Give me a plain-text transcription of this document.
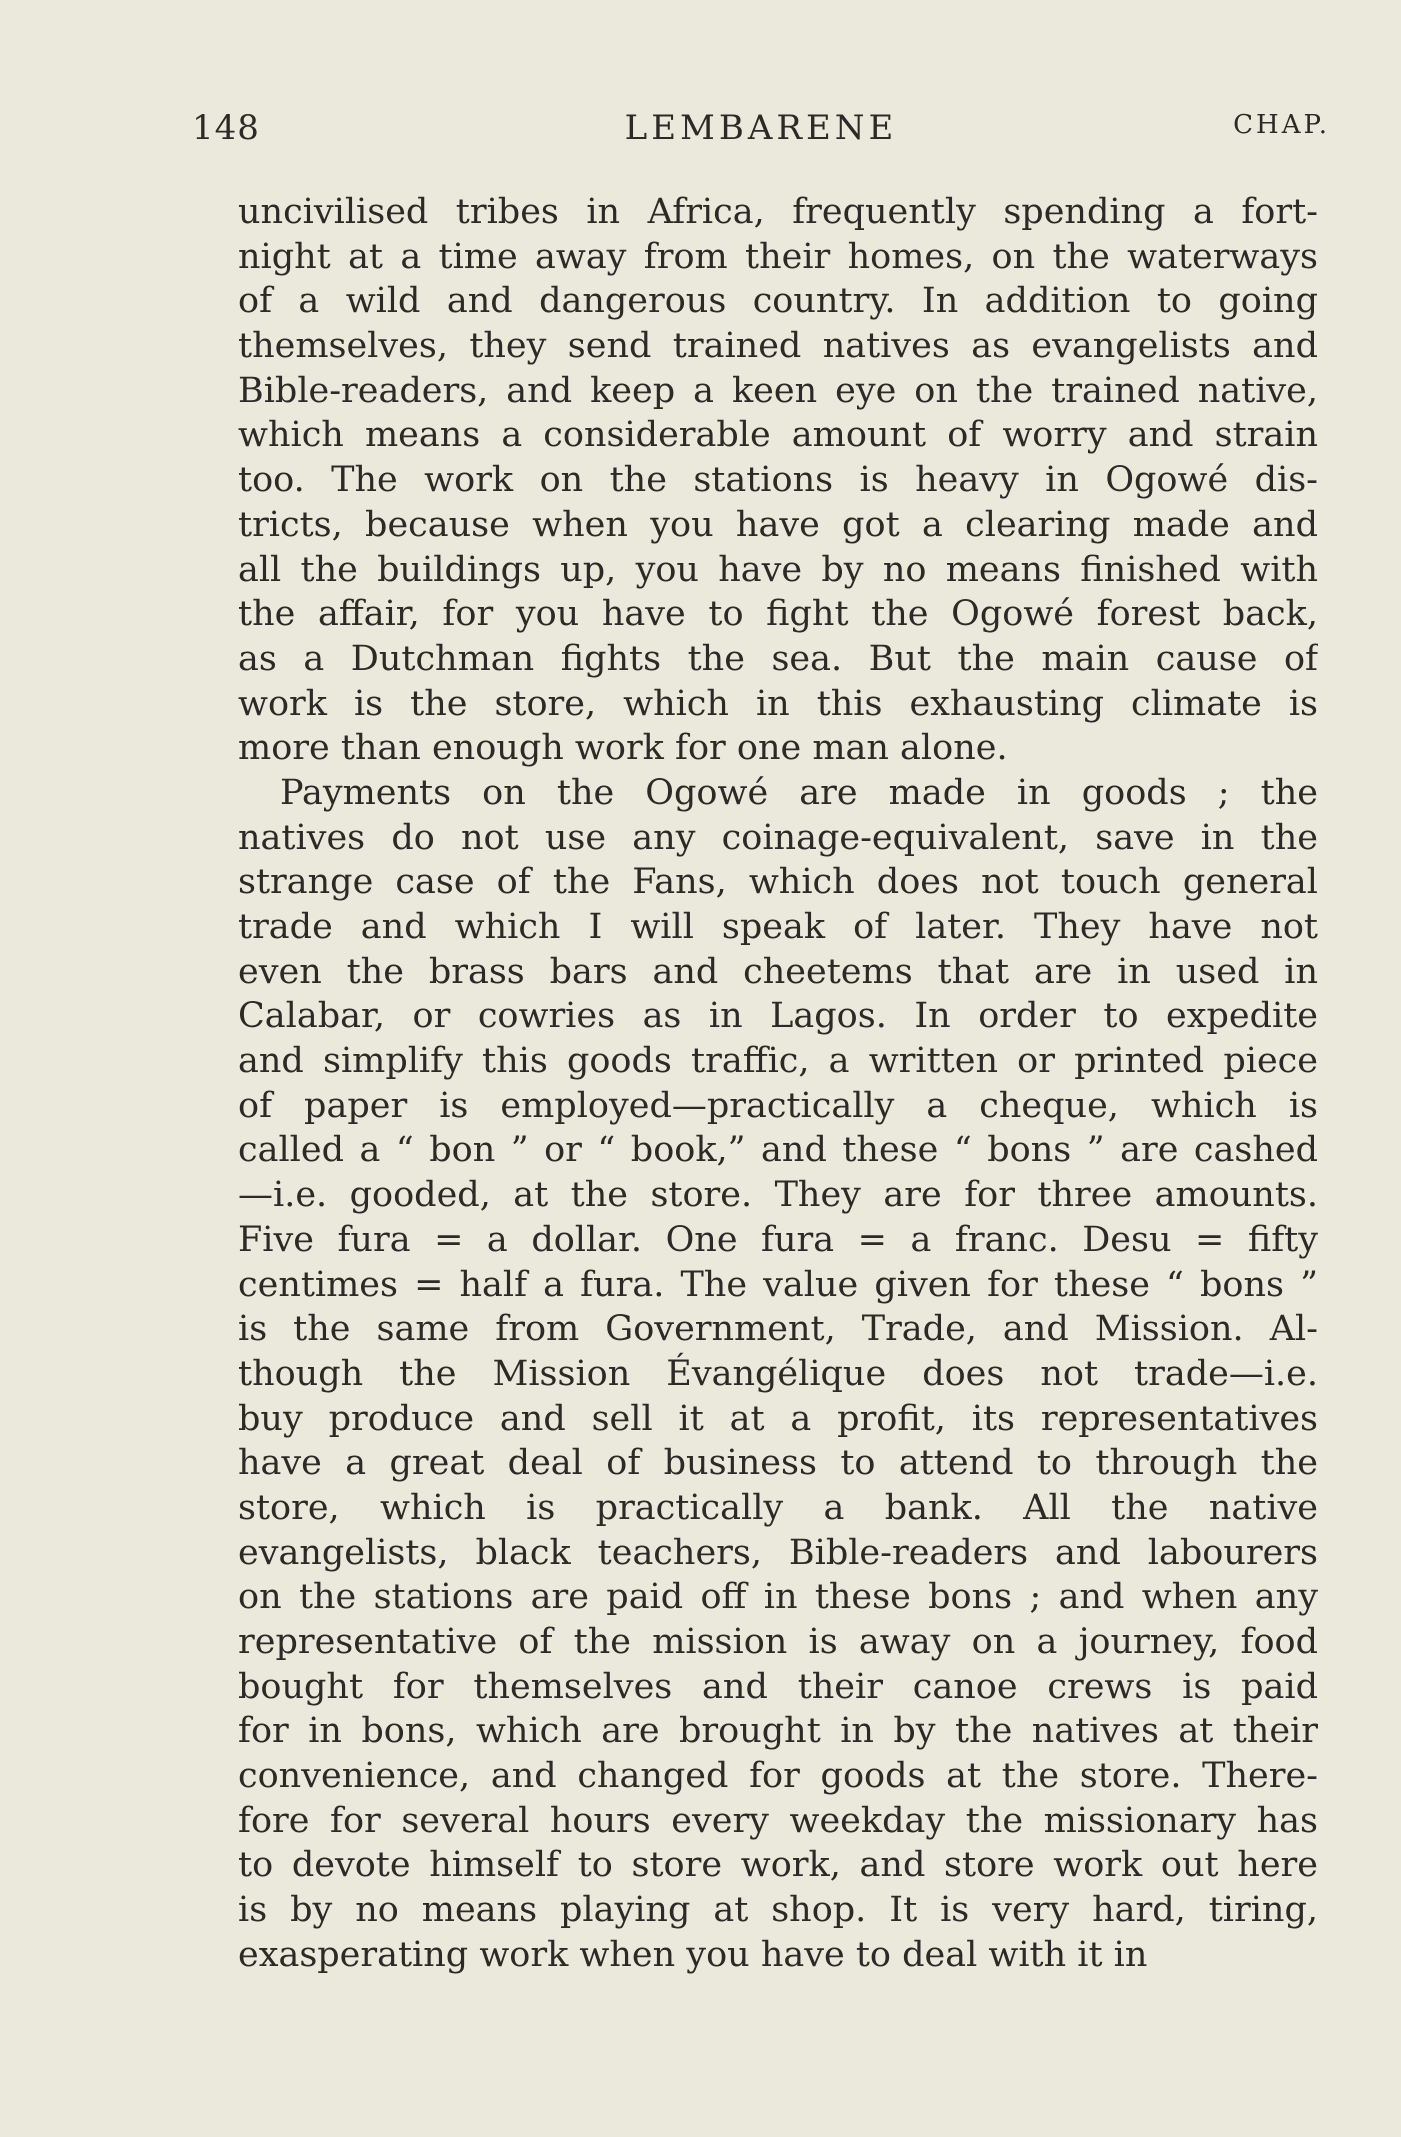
148	LEMBARENE	CHAP.
uncivilised tribes in Africa, frequently spending a fort-
night at a time away from their homes, on the waterways
of a wild and dangerous country. In addition to going
themselves, they send trained natives as evangelists and
Bible-readers, and keep a keen eye on the trained native,
which means a considerable amount of worry and strain
too. The work on the stations is heavy in Ogowé dis-
tricts, because when you have got a clearing made and
all the buildings up, you have by no means finished with
the affair, for you have to fight the Ogowé forest back,
as a Dutchman fights the sea. But the main cause of
work is the store, which in this exhausting climate is
more than enough work for one man alone.
Payments on the Ogowé are made in goods ; the
natives do not use any coinage-equivalent, save in the
strange case of the Fans, which does not touch general
trade and which I will speak of later. They have not
even the brass bars and cheetems that are in used in
Calabar, or cowries as in Lagos. In order to expedite
and simplify this goods traffic, a written or printed piece
of paper is employed—practically a cheque, which is
called a “ bon ” or “ book,” and these “ bons ” are cashed
—i.e. gooded, at the store. They are for three amounts.
Five fura = a dollar. One fura = a franc. Desu = fifty
centimes = half a fura. The value given for these “ bons ”
is the same from Government, Trade, and Mission. Al-
though the Mission Évangélique does not trade—i.e.
buy produce and sell it at a profit, its representatives
have a great deal of business to attend to through the
store, which is practically a bank. All the native
evangelists, black teachers, Bible-readers and labourers
on the stations are paid off in these bons ; and when any
representative of the mission is away on a journey, food
bought for themselves and their canoe crews is paid
for in bons, which are brought in by the natives at their
convenience, and changed for goods at the store. There-
fore for several hours every weekday the missionary has
to devote himself to store work, and store work out here
is by no means playing at shop. It is very hard, tiring,
exasperating work when you have to deal with it in
